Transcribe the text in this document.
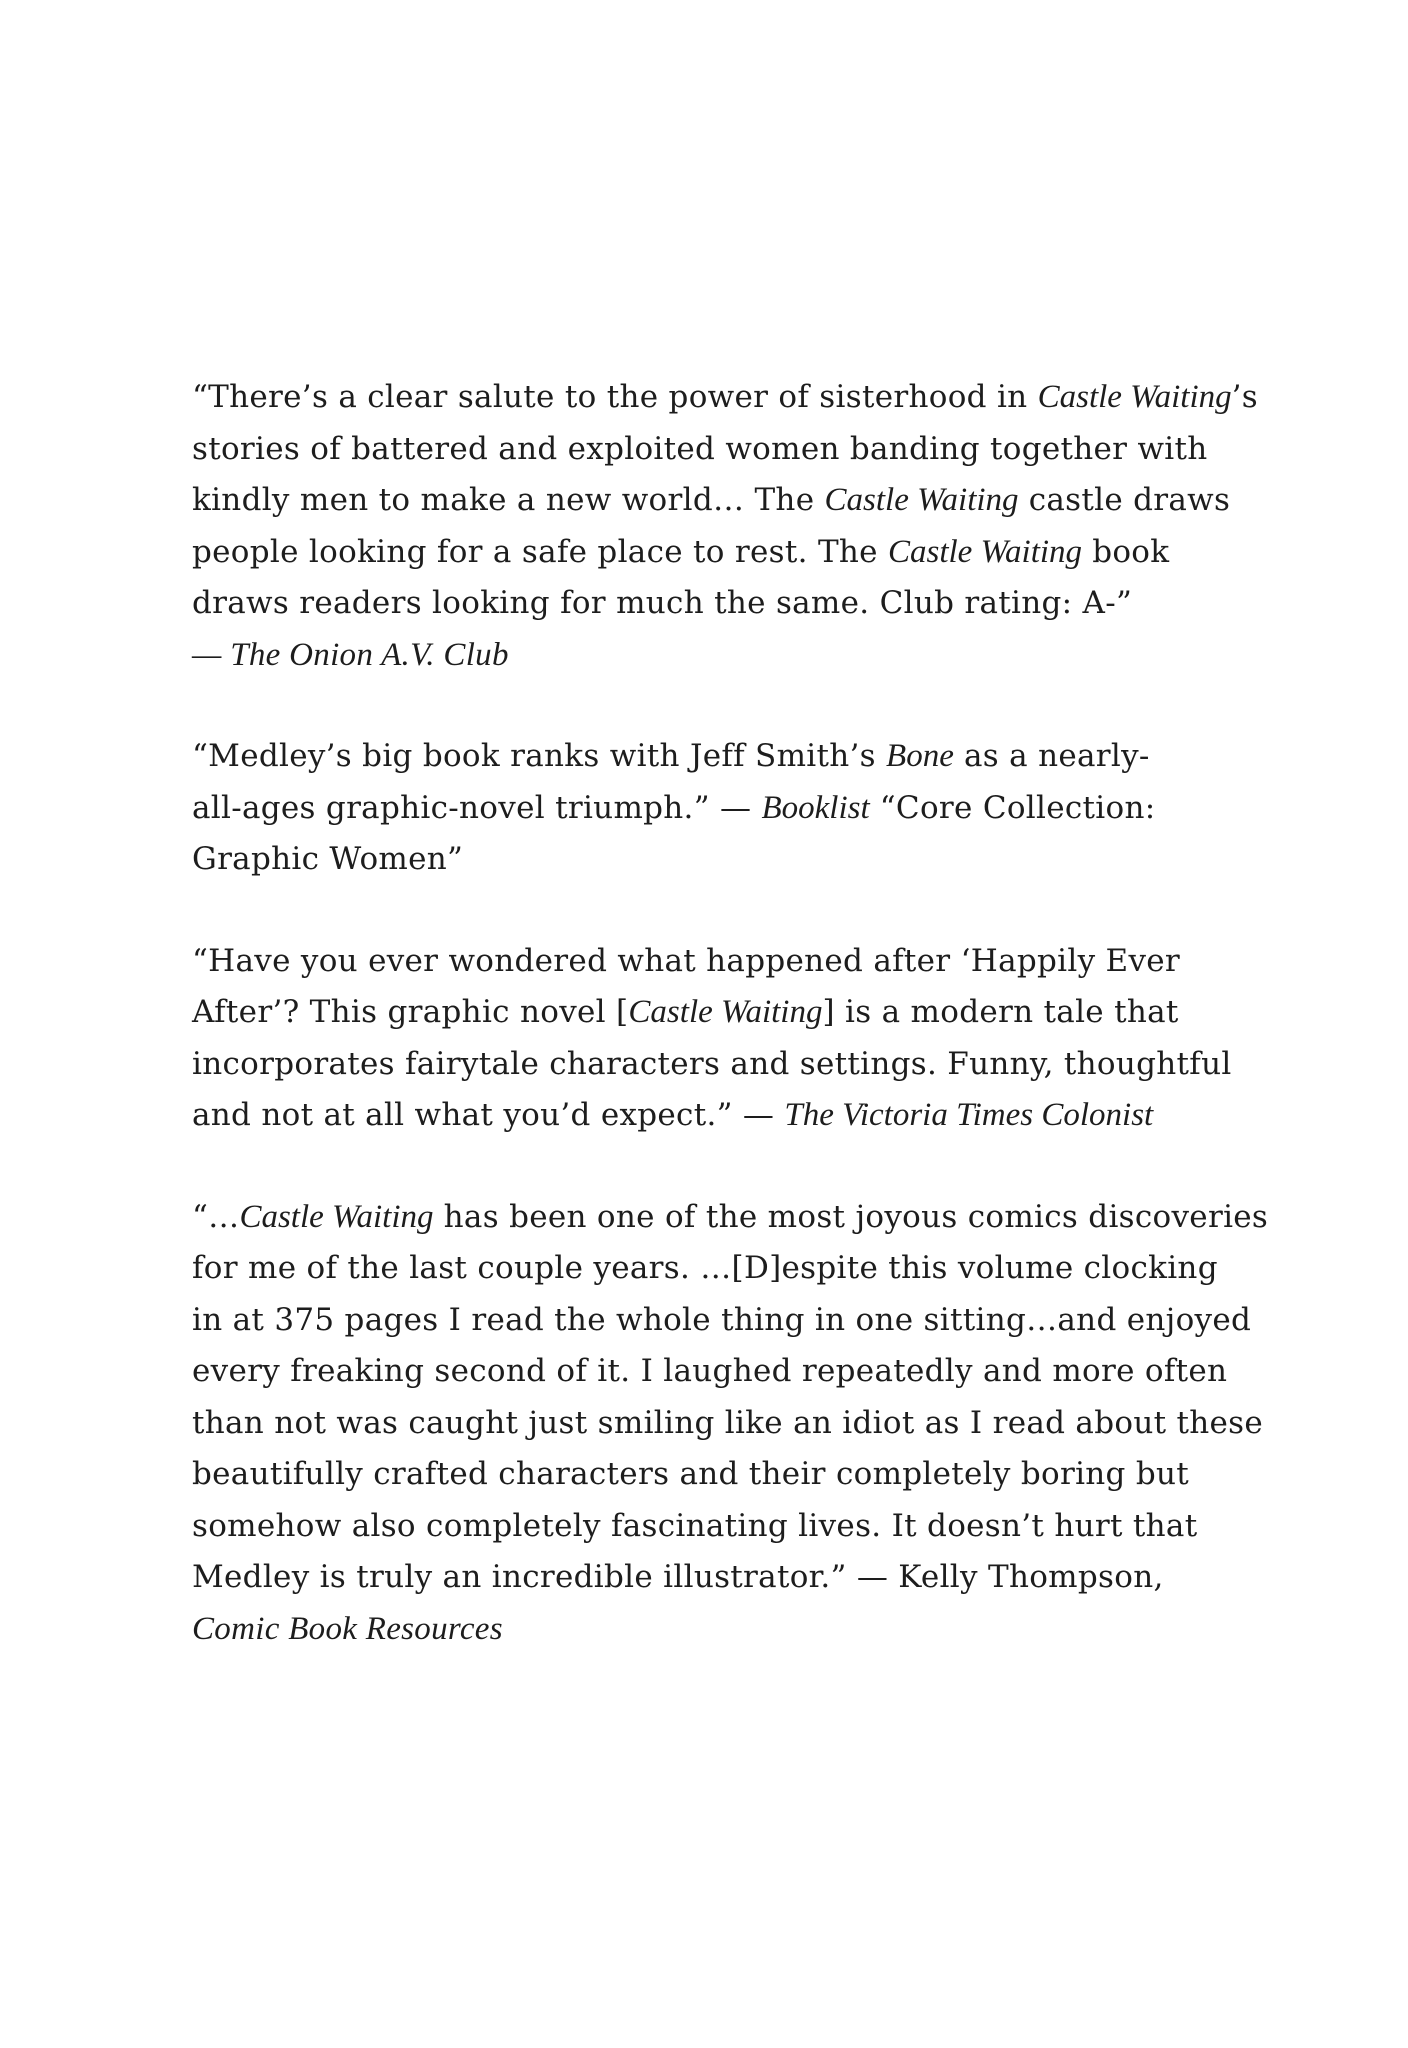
“There’s a clear salute to the power of sisterhood in Castle Waiting’s
stories of battered and exploited women banding together with
kindly men to make a new world… The Castle Waiting castle draws
people looking for a safe place to rest. The Castle Waiting book
draws readers looking for much the same. Club rating: A-”
— The Onion A.V. Club

“Medley’s big book ranks with Jeff Smith’s Bone as a nearly-
all-ages graphic-novel triumph.” — Booklist “Core Collection:
Graphic Women”

“Have you ever wondered what happened after ‘Happily Ever
After’? This graphic novel [Castle Waiting] is a modern tale that
incorporates fairytale characters and settings. Funny, thoughtful
and not at all what you’d expect.” — The Victoria Times Colonist

“…Castle Waiting has been one of the most joyous comics discoveries
for me of the last couple years. …[D]espite this volume clocking
in at 375 pages I read the whole thing in one sitting…and enjoyed
every freaking second of it. I laughed repeatedly and more often
than not was caught just smiling like an idiot as I read about these
beautifully crafted characters and their completely boring but
somehow also completely fascinating lives. It doesn’t hurt that
Medley is truly an incredible illustrator.” — Kelly Thompson,
Comic Book Resources
